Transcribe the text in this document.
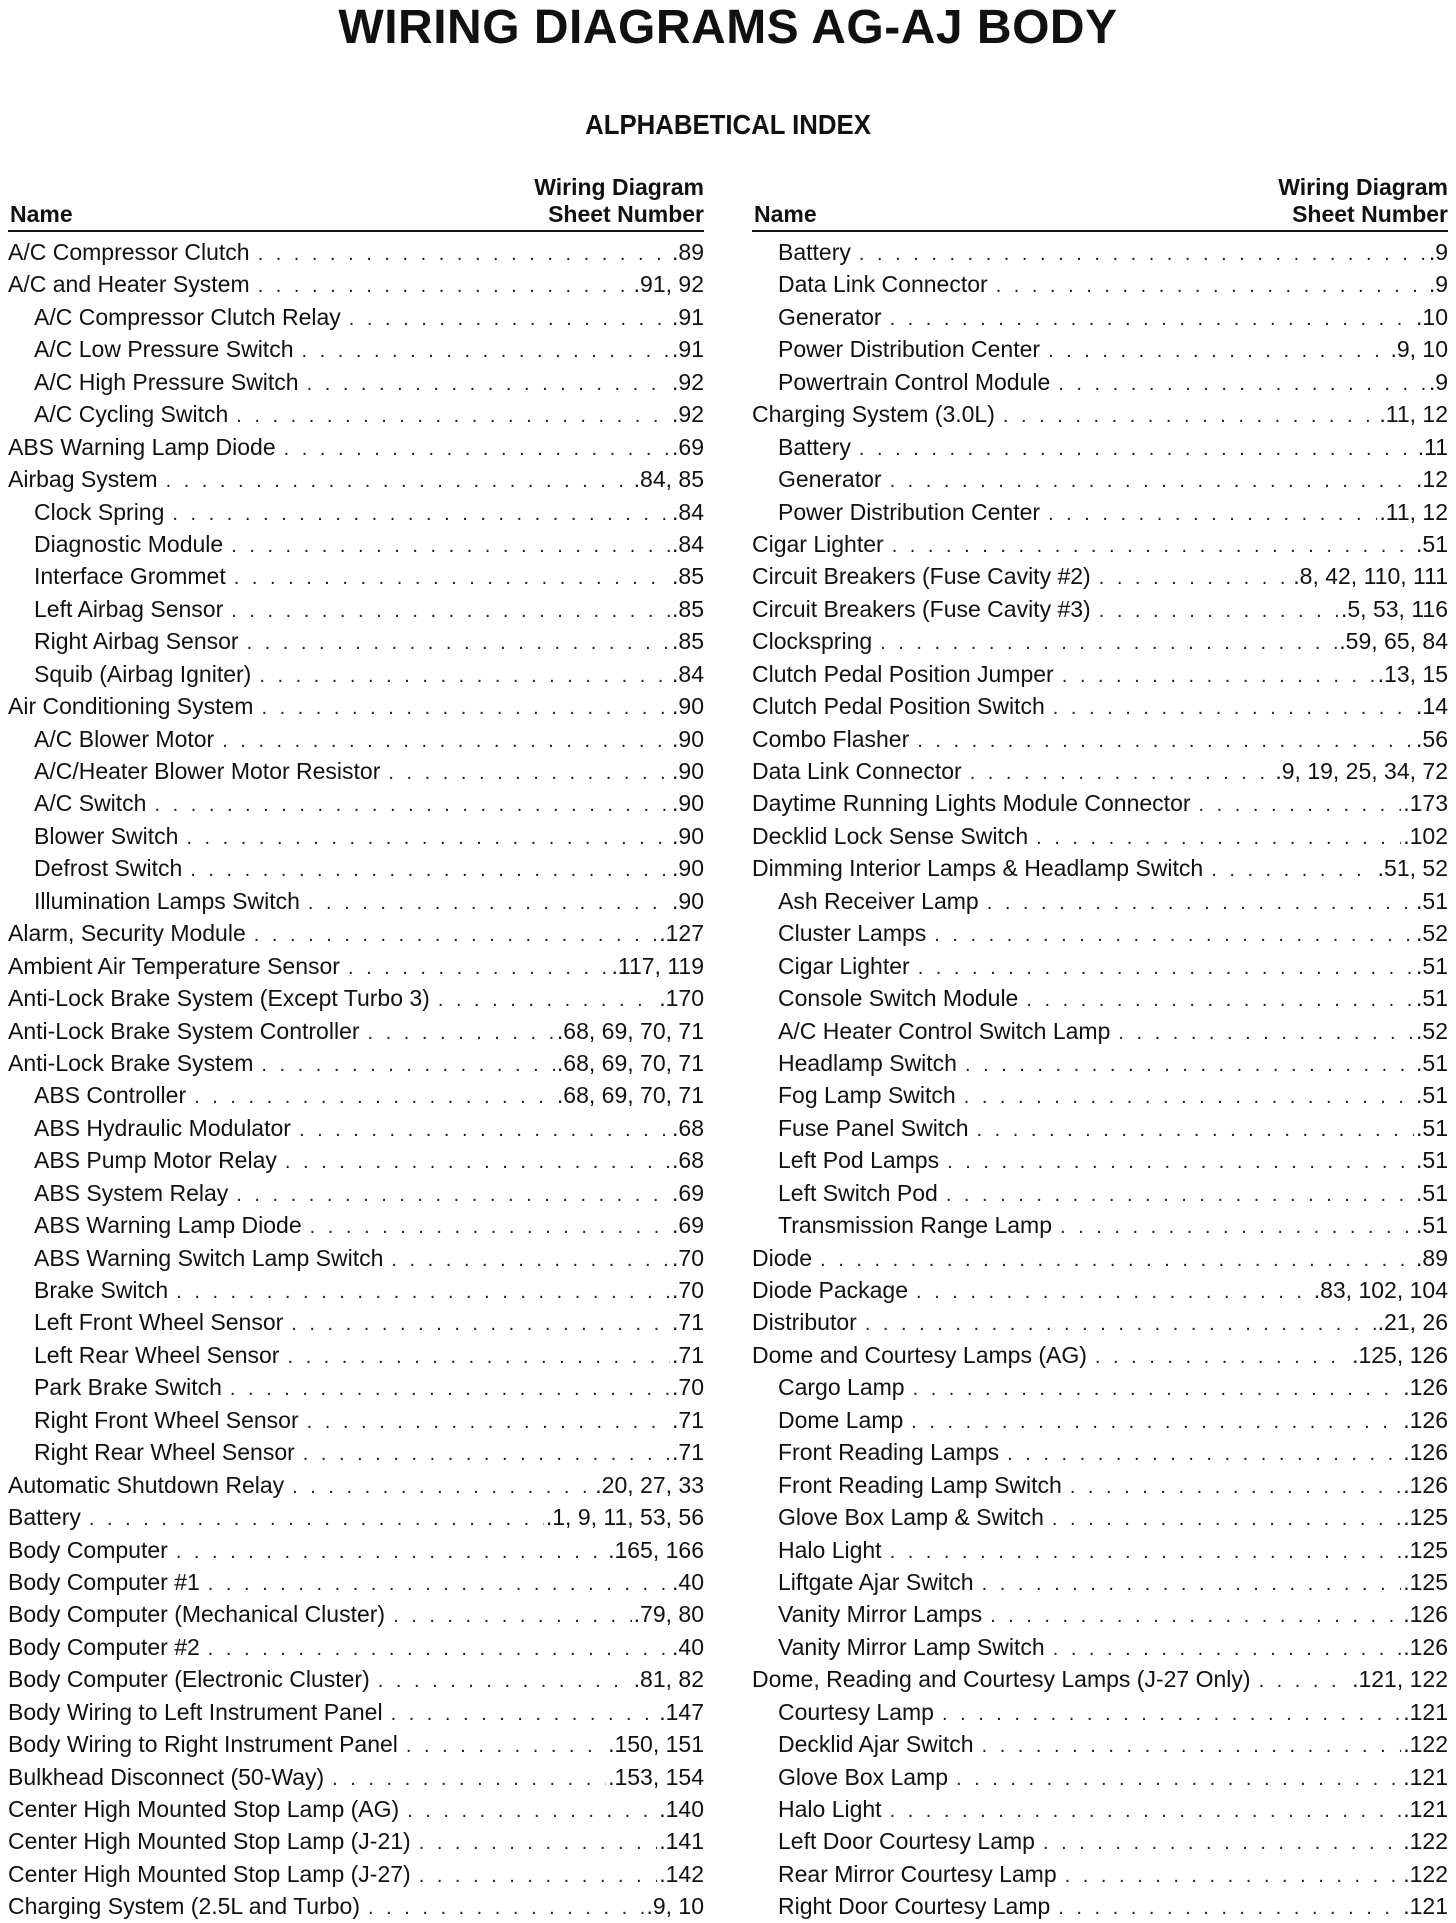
WIRING DIAGRAMS AG-AJ BODY
ALPHABETICAL INDEX
Name
Wiring Diagram
Sheet Number
A/C Compressor Clutch . . .	.89
A/C and Heater System . . .	.91, 92
A/C Compressor Clutch Relay . . .	.91
A/C Low Pressure Switch . . .	.91
A/C High Pressure Switch . . .	.92
A/C Cycling Switch . . .	.92
ABS Warning Lamp Diode . . .	.69
Airbag System . . .	.84, 85
Clock Spring . . .	.84
Diagnostic Module . . .	.84
Interface Grommet . . .	.85
Left Airbag Sensor . . .	.85
Right Airbag Sensor . . .	.85
Squib (Airbag Igniter) . . .	.84
Air Conditioning System . . .	.90
A/C Blower Motor . . .	.90
A/C/Heater Blower Motor Resistor . . .	.90
A/C Switch . . .	.90
Blower Switch . . .	.90
Defrost Switch . . .	.90
Illumination Lamps Switch . . .	.90
Alarm, Security Module . . .	.127
Ambient Air Temperature Sensor . . .	.117, 119
Anti-Lock Brake System (Except Turbo 3) . . .	.170
Anti-Lock Brake System Controller . . .	.68, 69, 70, 71
Anti-Lock Brake System . . .	.68, 69, 70, 71
ABS Controller . . .	.68, 69, 70, 71
ABS Hydraulic Modulator . . .	.68
ABS Pump Motor Relay . . .	.68
ABS System Relay . . .	.69
ABS Warning Lamp Diode . . .	.69
ABS Warning Switch Lamp Switch . . .	.70
Brake Switch . . .	.70
Left Front Wheel Sensor . . .	.71
Left Rear Wheel Sensor . . .	.71
Park Brake Switch . . .	.70
Right Front Wheel Sensor . . .	.71
Right Rear Wheel Sensor . . .	.71
Automatic Shutdown Relay . . .	.20, 27, 33
Battery . . .	.1, 9, 11, 53, 56
Body Computer . . .	.165, 166
Body Computer #1 . . .	.40
Body Computer (Mechanical Cluster) . . .	.79, 80
Body Computer #2 . . .	.40
Body Computer (Electronic Cluster) . . .	.81, 82
Body Wiring to Left Instrument Panel . . .	.147
Body Wiring to Right Instrument Panel . . .	.150, 151
Bulkhead Disconnect (50-Way) . . .	.153, 154
Center High Mounted Stop Lamp (AG) . . .	.140
Center High Mounted Stop Lamp (J-21) . . .	.141
Center High Mounted Stop Lamp (J-27) . . .	.142
Charging System (2.5L and Turbo) . . .	.9, 10
Name
Wiring Diagram
Sheet Number
Battery . . .	.9
Data Link Connector . . .	.9
Generator . . .	.10
Power Distribution Center . . .	.9, 10
Powertrain Control Module . . .	.9
Charging System (3.0L) . . .	.11, 12
Battery . . .	.11
Generator . . .	.12
Power Distribution Center . . .	.11, 12
Cigar Lighter . . .	.51
Circuit Breakers (Fuse Cavity #2) . . .	.8, 42, 110, 111
Circuit Breakers (Fuse Cavity #3) . . .	.5, 53, 116
Clockspring . . .	.59, 65, 84
Clutch Pedal Position Jumper . . .	.13, 15
Clutch Pedal Position Switch . . .	.14
Combo Flasher . . .	.56
Data Link Connector . . .	.9, 19, 25, 34, 72
Daytime Running Lights Module Connector . . .	.173
Decklid Lock Sense Switch . . .	.102
Dimming Interior Lamps & Headlamp Switch . . .	.51, 52
Ash Receiver Lamp . . .	.51
Cluster Lamps . . .	.52
Cigar Lighter . . .	.51
Console Switch Module . . .	.51
A/C Heater Control Switch Lamp . . .	.52
Headlamp Switch . . .	.51
Fog Lamp Switch . . .	.51
Fuse Panel Switch . . .	.51
Left Pod Lamps . . .	.51
Left Switch Pod . . .	.51
Transmission Range Lamp . . .	.51
Diode . . .	.89
Diode Package . . .	.83, 102, 104
Distributor . . .	.21, 26
Dome and Courtesy Lamps (AG) . . .	.125, 126
Cargo Lamp . . .	.126
Dome Lamp . . .	.126
Front Reading Lamps . . .	.126
Front Reading Lamp Switch . . .	.126
Glove Box Lamp & Switch . . .	.125
Halo Light . . .	.125
Liftgate Ajar Switch . . .	.125
Vanity Mirror Lamps . . .	.126
Vanity Mirror Lamp Switch . . .	.126
Dome, Reading and Courtesy Lamps (J-27 Only) . . .	.121, 122
Courtesy Lamp . . .	.121
Decklid Ajar Switch . . .	.122
Glove Box Lamp . . .	.121
Halo Light . . .	.121
Left Door Courtesy Lamp . . .	.122
Rear Mirror Courtesy Lamp . . .	.122
Right Door Courtesy Lamp . . .	.121
